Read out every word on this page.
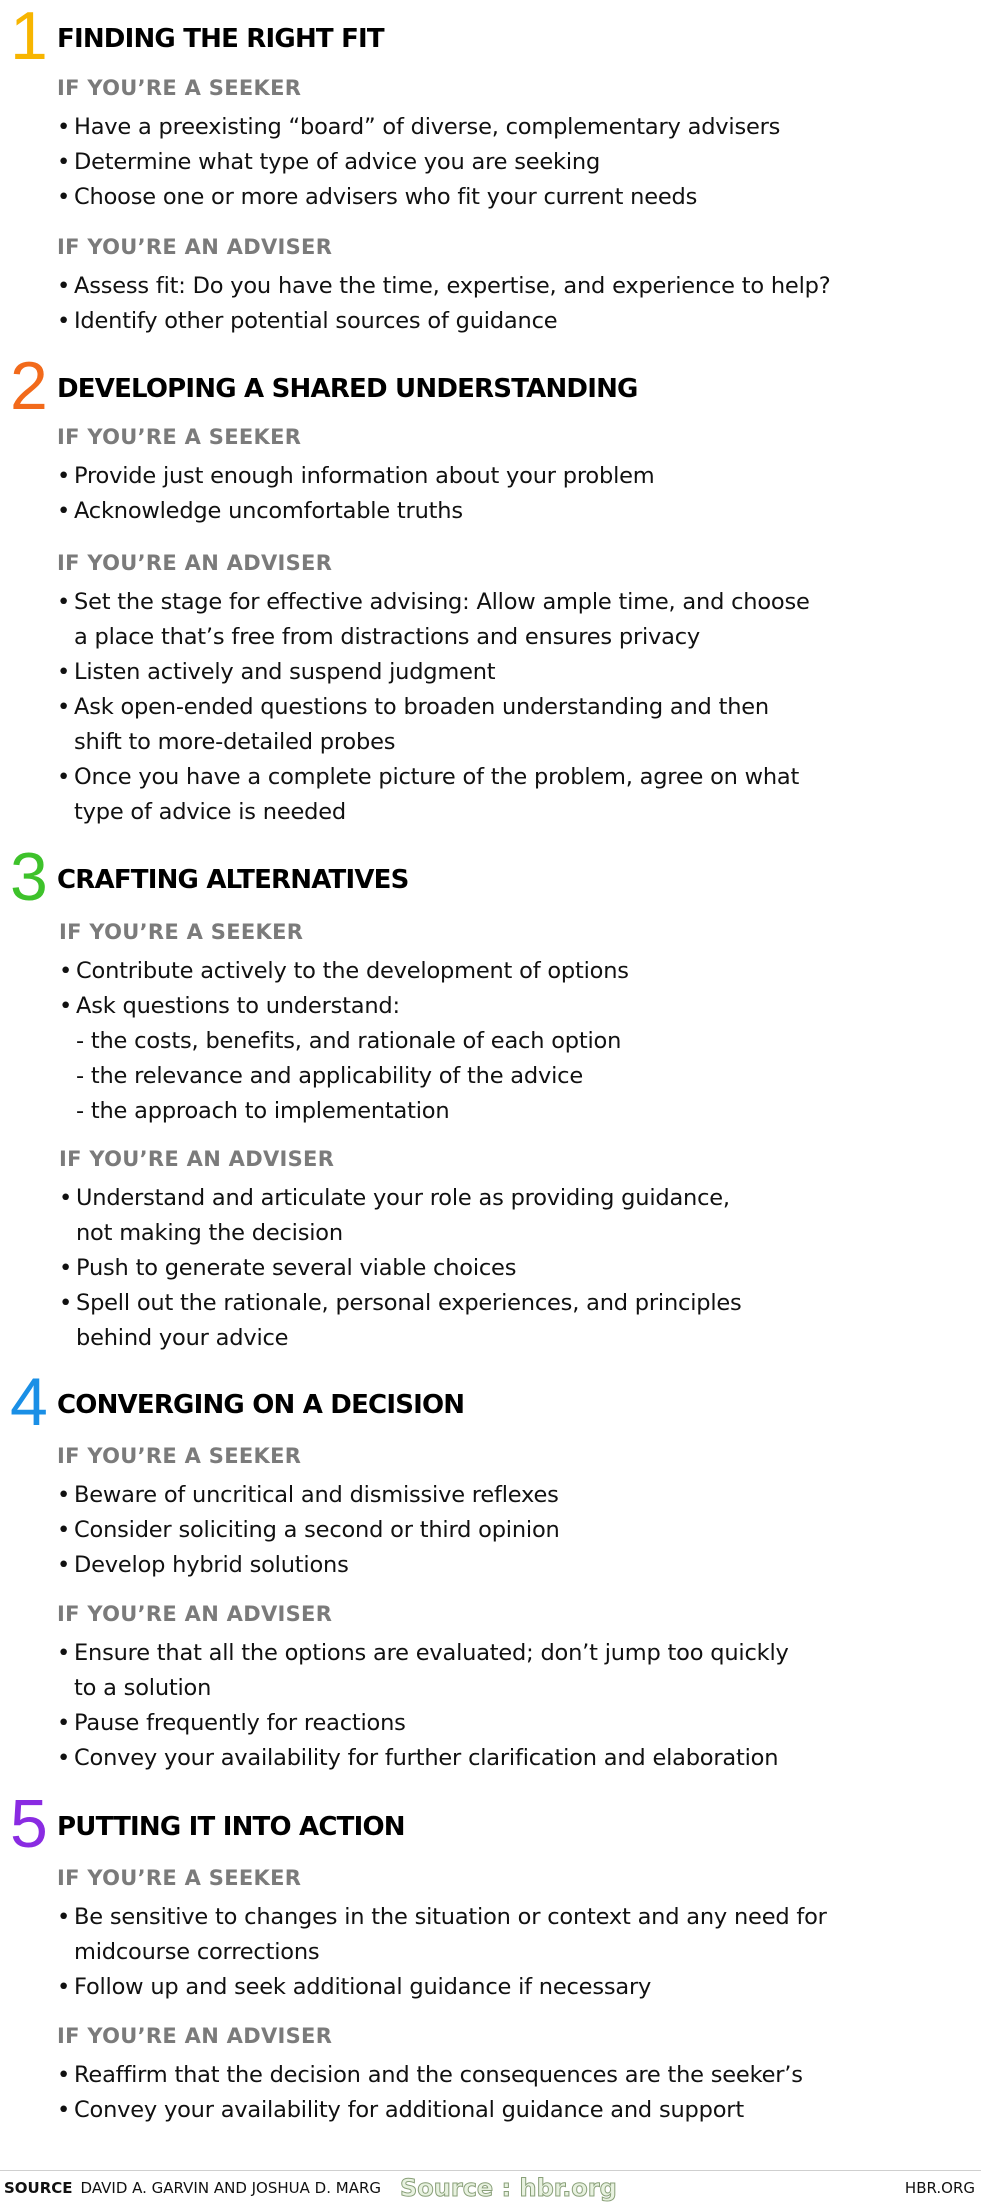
1 FINDING THE RIGHT FIT
IF YOU’RE A SEEKER
• Have a preexisting “board” of diverse, complementary advisers
• Determine what type of advice you are seeking
• Choose one or more advisers who fit your current needs
IF YOU’RE AN ADVISER
• Assess fit: Do you have the time, expertise, and experience to help?
• Identify other potential sources of guidance
2 DEVELOPING A SHARED UNDERSTANDING
IF YOU’RE A SEEKER
• Provide just enough information about your problem
• Acknowledge uncomfortable truths
IF YOU’RE AN ADVISER
• Set the stage for effective advising: Allow ample time, and choose
a place that’s free from distractions and ensures privacy
• Listen actively and suspend judgment
• Ask open-ended questions to broaden understanding and then
shift to more-detailed probes
• Once you have a complete picture of the problem, agree on what
type of advice is needed
3 CRAFTING ALTERNATIVES
IF YOU’RE A SEEKER
• Contribute actively to the development of options
• Ask questions to understand:
- the costs, benefits, and rationale of each option
- the relevance and applicability of the advice
- the approach to implementation
IF YOU’RE AN ADVISER
• Understand and articulate your role as providing guidance,
not making the decision
• Push to generate several viable choices
• Spell out the rationale, personal experiences, and principles
behind your advice
4 CONVERGING ON A DECISION
IF YOU’RE A SEEKER
• Beware of uncritical and dismissive reflexes
• Consider soliciting a second or third opinion
• Develop hybrid solutions
IF YOU’RE AN ADVISER
• Ensure that all the options are evaluated; don’t jump too quickly
to a solution
• Pause frequently for reactions
• Convey your availability for further clarification and elaboration
5 PUTTING IT INTO ACTION
IF YOU’RE A SEEKER
• Be sensitive to changes in the situation or context and any need for
midcourse corrections
• Follow up and seek additional guidance if necessary
IF YOU’RE AN ADVISER
• Reaffirm that the decision and the consequences are the seeker’s
• Convey your availability for additional guidance and support
SOURCE DAVID A. GARVIN AND JOSHUA D. MARG Source : hbr.org	HBR.ORG
